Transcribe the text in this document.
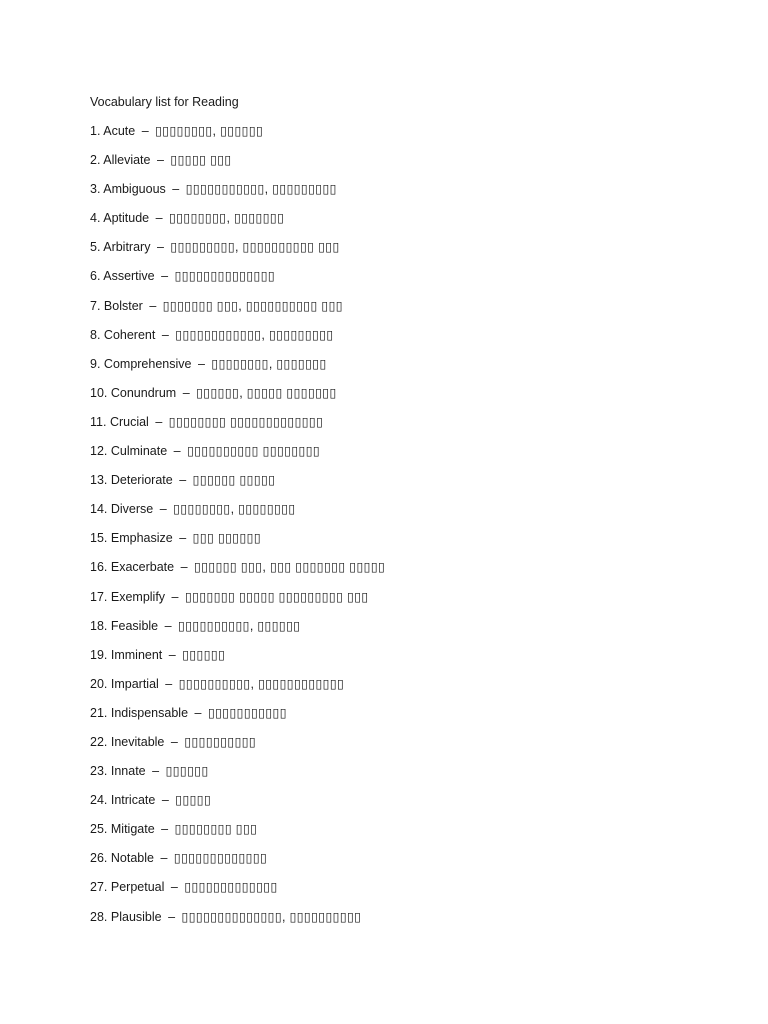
Vocabulary list for Reading
1. Acute – ▯▯▯▯▯▯▯▯, ▯▯▯▯▯▯
2. Alleviate – ▯▯▯▯▯ ▯▯▯
3. Ambiguous – ▯▯▯▯▯▯▯▯▯▯▯, ▯▯▯▯▯▯▯▯▯
4. Aptitude – ▯▯▯▯▯▯▯▯, ▯▯▯▯▯▯▯
5. Arbitrary – ▯▯▯▯▯▯▯▯▯, ▯▯▯▯▯▯▯▯▯▯ ▯▯▯
6. Assertive – ▯▯▯▯▯▯▯▯▯▯▯▯▯▯
7. Bolster – ▯▯▯▯▯▯▯ ▯▯▯, ▯▯▯▯▯▯▯▯▯▯ ▯▯▯
8. Coherent – ▯▯▯▯▯▯▯▯▯▯▯▯, ▯▯▯▯▯▯▯▯▯
9. Comprehensive – ▯▯▯▯▯▯▯▯, ▯▯▯▯▯▯▯
10. Conundrum – ▯▯▯▯▯▯, ▯▯▯▯▯ ▯▯▯▯▯▯▯
11. Crucial – ▯▯▯▯▯▯▯▯ ▯▯▯▯▯▯▯▯▯▯▯▯▯
12. Culminate – ▯▯▯▯▯▯▯▯▯▯ ▯▯▯▯▯▯▯▯
13. Deteriorate – ▯▯▯▯▯▯ ▯▯▯▯▯
14. Diverse – ▯▯▯▯▯▯▯▯, ▯▯▯▯▯▯▯▯
15. Emphasize – ▯▯▯ ▯▯▯▯▯▯
16. Exacerbate – ▯▯▯▯▯▯ ▯▯▯, ▯▯▯ ▯▯▯▯▯▯▯ ▯▯▯▯▯
17. Exemplify – ▯▯▯▯▯▯▯ ▯▯▯▯▯ ▯▯▯▯▯▯▯▯▯ ▯▯▯
18. Feasible – ▯▯▯▯▯▯▯▯▯▯, ▯▯▯▯▯▯
19. Imminent – ▯▯▯▯▯▯
20. Impartial – ▯▯▯▯▯▯▯▯▯▯, ▯▯▯▯▯▯▯▯▯▯▯▯
21. Indispensable – ▯▯▯▯▯▯▯▯▯▯▯
22. Inevitable – ▯▯▯▯▯▯▯▯▯▯
23. Innate – ▯▯▯▯▯▯
24. Intricate – ▯▯▯▯▯
25. Mitigate – ▯▯▯▯▯▯▯▯ ▯▯▯
26. Notable – ▯▯▯▯▯▯▯▯▯▯▯▯▯
27. Perpetual – ▯▯▯▯▯▯▯▯▯▯▯▯▯
28. Plausible – ▯▯▯▯▯▯▯▯▯▯▯▯▯▯, ▯▯▯▯▯▯▯▯▯▯
